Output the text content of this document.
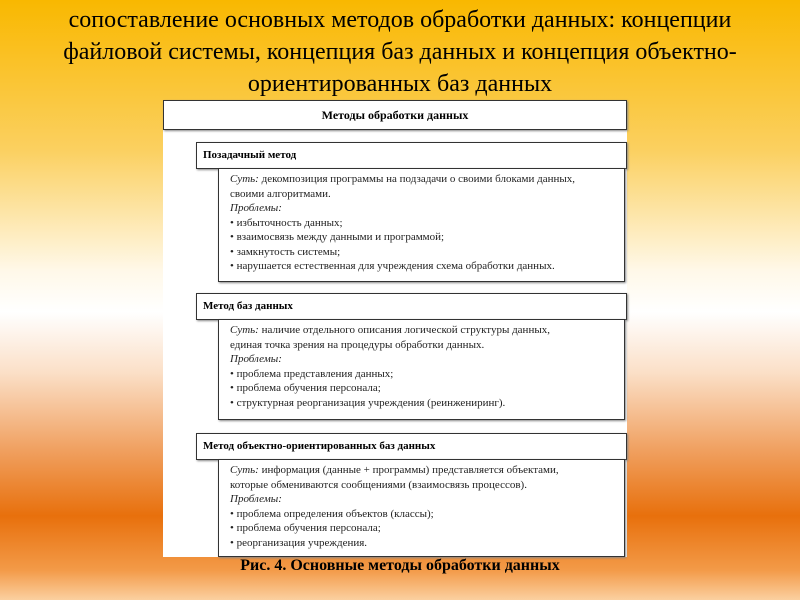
сопоставление основных методов обработки данных: концепции
файловой системы, концепция баз данных и концепция объектно-
ориентированных баз данных
Методы обработки данных
Позадачный метод
Суть: декомпозиция программы на подзадачи о своими блоками данных,
своими алгоритмами.
Проблемы:
• избыточность данных;
• взаимосвязь между данными и программой;
• замкнутость системы;
• нарушается естественная для учреждения схема обработки данных.
Метод баз данных
Суть: наличие отдельного описания логической структуры данных,
единая точка зрения на процедуры обработки данных.
Проблемы:
• проблема представления данных;
• проблема обучения персонала;
• структурная реорганизация учреждения (реинжениринг).
Метод объектно-ориентированных баз данных
Суть: информация (данные + программы) представляется объектами,
которые обмениваются сообщениями (взаимосвязь процессов).
Проблемы:
• проблема определения объектов (классы);
• проблема обучения персонала;
• реорганизация учреждения.
Рис. 4. Основные методы обработки данных
